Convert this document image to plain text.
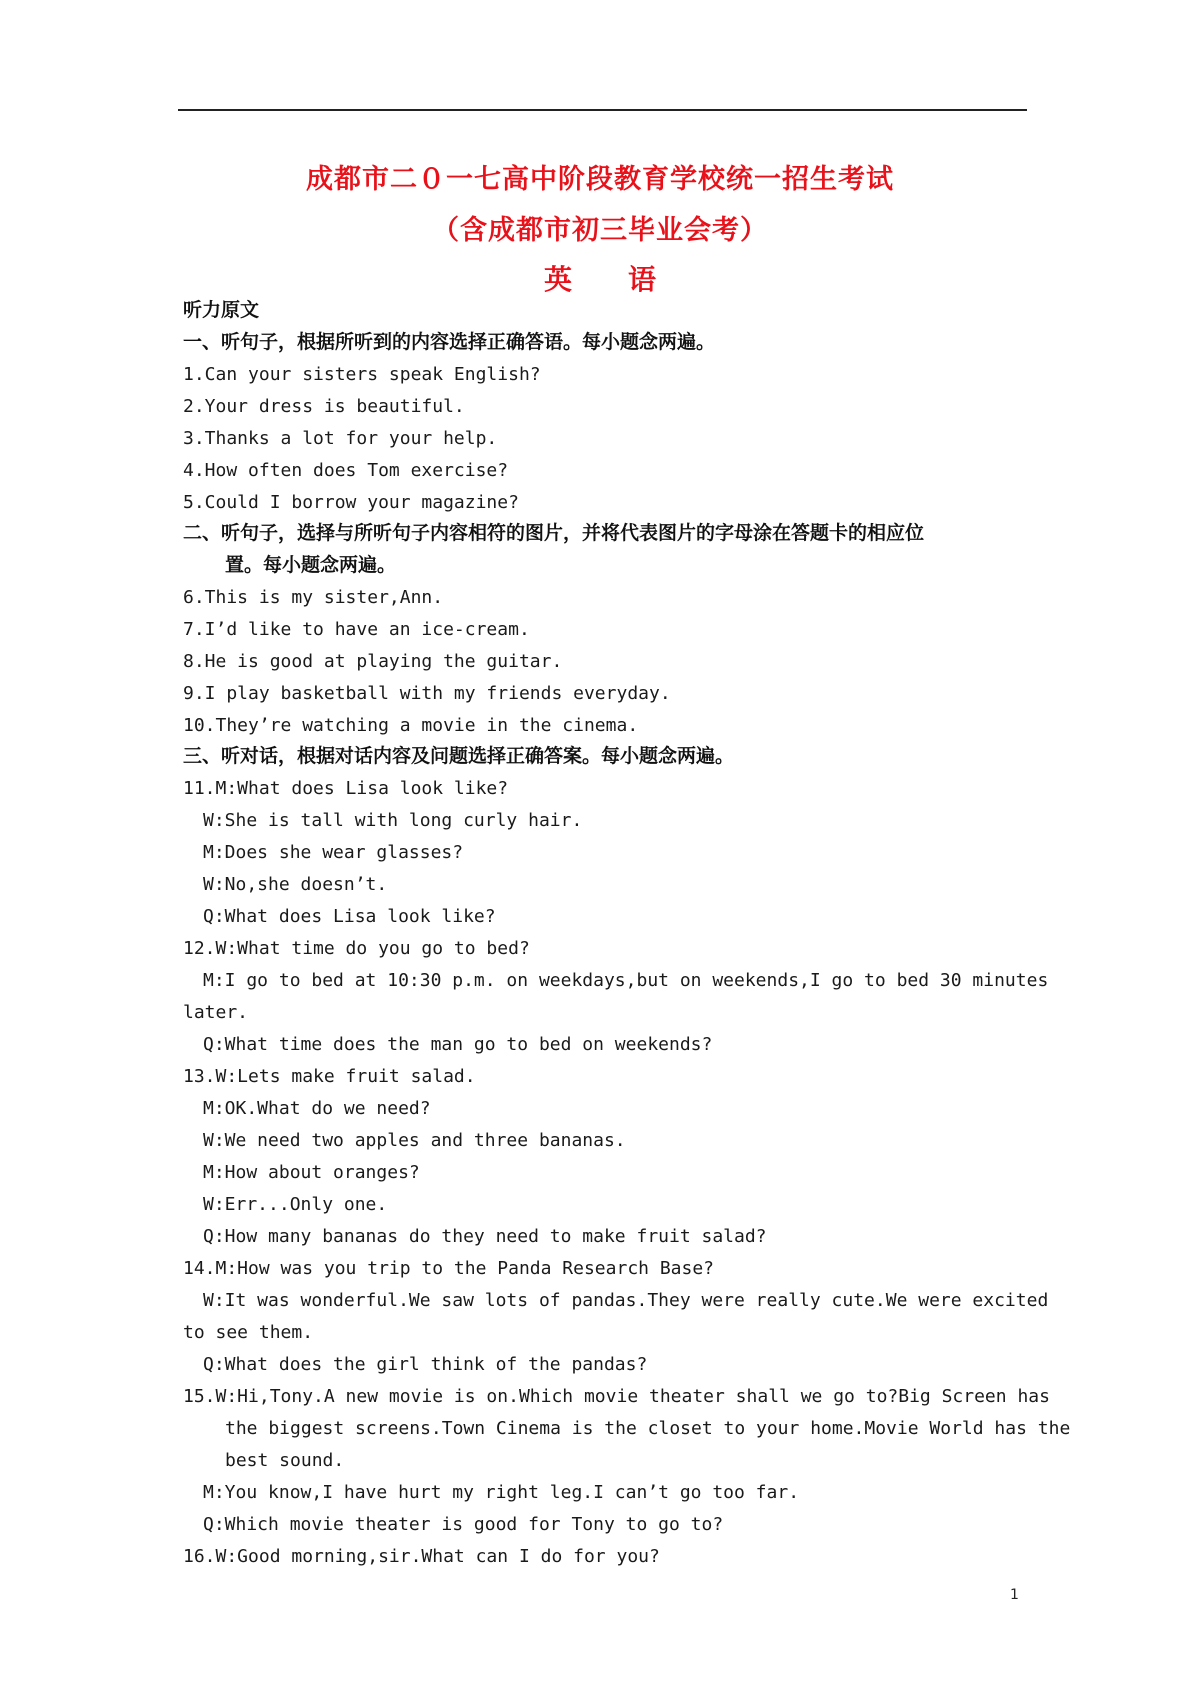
成都市二０一七高中阶段教育学校统一招生考试
（含成都市初三毕业会考）
英 语
听力原文
一、听句子，根据所听到的内容选择正确答语。每小题念两遍。
1.Can your sisters speak English?
2.Your dress is beautiful.
3.Thanks a lot for your help.
4.How often does Tom exercise?
5.Could I borrow your magazine?
二、听句子，选择与所听句子内容相符的图片，并将代表图片的字母涂在答题卡的相应位
置。每小题念两遍。
6.This is my sister,Ann.
7.I’d like to have an ice-cream.
8.He is good at playing the guitar.
9.I play basketball with my friends everyday.
10.They’re watching a movie in the cinema.
三、听对话，根据对话内容及问题选择正确答案。每小题念两遍。
11.M:What does Lisa look like?
W:She is tall with long curly hair.
M:Does she wear glasses?
W:No,she doesn’t.
Q:What does Lisa look like?
12.W:What time do you go to bed?
M:I go to bed at 10:30 p.m. on weekdays,but on weekends,I go to bed 30 minutes
later.
Q:What time does the man go to bed on weekends?
13.W:Lets make fruit salad.
M:OK.What do we need?
W:We need two apples and three bananas.
M:How about oranges?
W:Err...Only one.
Q:How many bananas do they need to make fruit salad?
14.M:How was you trip to the Panda Research Base?
W:It was wonderful.We saw lots of pandas.They were really cute.We were excited
to see them.
Q:What does the girl think of the pandas?
15.W:Hi,Tony.A new movie is on.Which movie theater shall we go to?Big Screen has
the biggest screens.Town Cinema is the closet to your home.Movie World has the
best sound.
M:You know,I have hurt my right leg.I can’t go too far.
Q:Which movie theater is good for Tony to go to?
16.W:Good morning,sir.What can I do for you?
1
